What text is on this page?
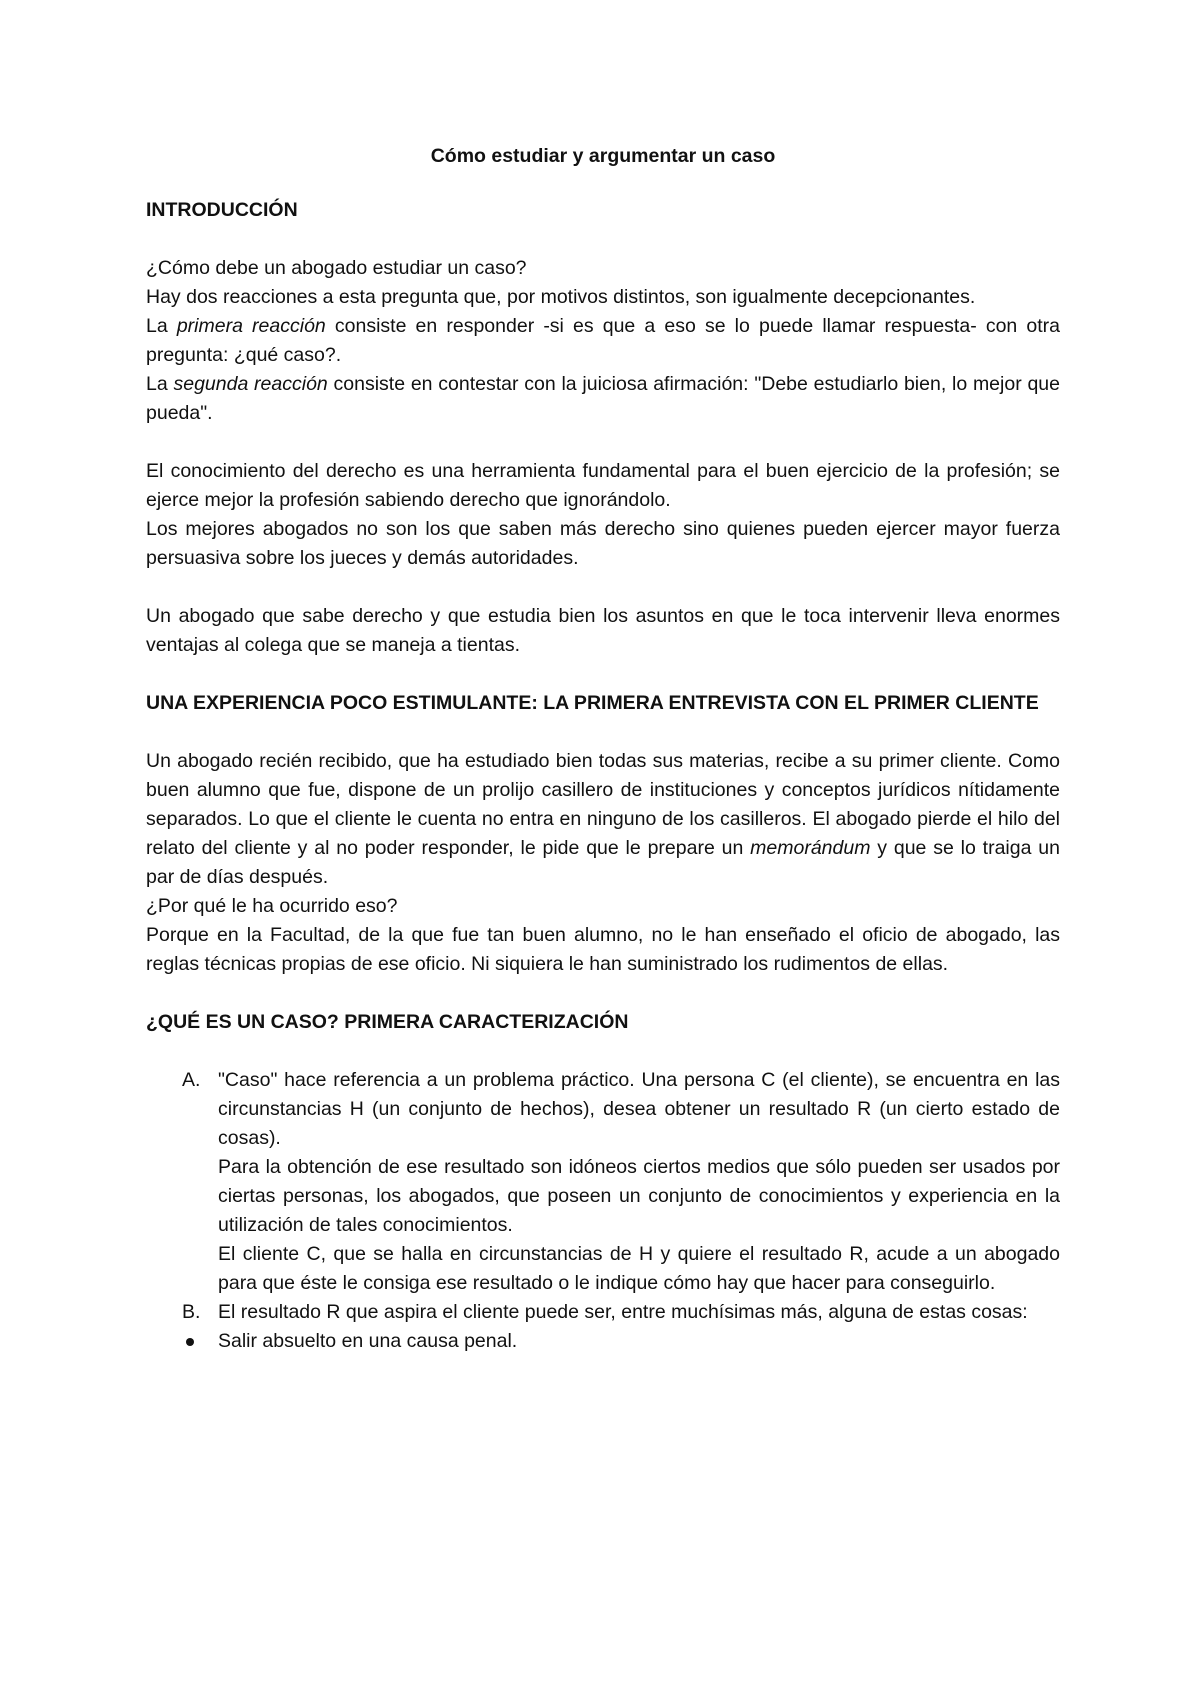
Cómo estudiar y argumentar un caso
INTRODUCCIÓN

¿Cómo debe un abogado estudiar un caso?

Hay dos reacciones a esta pregunta que, por motivos distintos, son igualmente decepcionantes.

La primera reacción consiste en responder -si es que a eso se lo puede llamar respuesta- con otra pregunta: ¿qué caso?.

La segunda reacción consiste en contestar con la juiciosa afirmación: "Debe estudiarlo bien, lo mejor que pueda".

El conocimiento del derecho es una herramienta fundamental para el buen ejercicio de la profesión; se ejerce mejor la profesión sabiendo derecho que ignorándolo.

Los mejores abogados no son los que saben más derecho sino quienes pueden ejercer mayor fuerza persuasiva sobre los jueces y demás autoridades.

Un abogado que sabe derecho y que estudia bien los asuntos en que le toca intervenir lleva enormes ventajas al colega que se maneja a tientas.

UNA EXPERIENCIA POCO ESTIMULANTE: LA PRIMERA ENTREVISTA CON EL PRIMER CLIENTE

Un abogado recién recibido, que ha estudiado bien todas sus materias, recibe a su primer cliente. Como buen alumno que fue, dispone de un prolijo casillero de instituciones y conceptos jurídicos nítidamente separados. Lo que el cliente le cuenta no entra en ninguno de los casilleros. El abogado pierde el hilo del relato del cliente y al no poder responder, le pide que le prepare un memorándum y que se lo traiga un par de días después.

¿Por qué le ha ocurrido eso?

Porque en la Facultad, de la que fue tan buen alumno, no le han enseñado el oficio de abogado, las reglas técnicas propias de ese oficio. Ni siquiera le han suministrado los rudimentos de ellas.

¿QUÉ ES UN CASO? PRIMERA CARACTERIZACIÓN
A. "Caso" hace referencia a un problema práctico. Una persona C (el cliente), se encuentra en las circunstancias H (un conjunto de hechos), desea obtener un resultado R (un cierto estado de cosas).

Para la obtención de ese resultado son idóneos ciertos medios que sólo pueden ser usados por ciertas personas, los abogados, que poseen un conjunto de conocimientos y experiencia en la utilización de tales conocimientos.

El cliente C, que se halla en circunstancias de H y quiere el resultado R, acude a un abogado para que éste le consiga ese resultado o le indique cómo hay que hacer para conseguirlo.

B. El resultado R que aspira el cliente puede ser, entre muchísimas más, alguna de estas cosas:

Salir absuelto en una causa penal.
